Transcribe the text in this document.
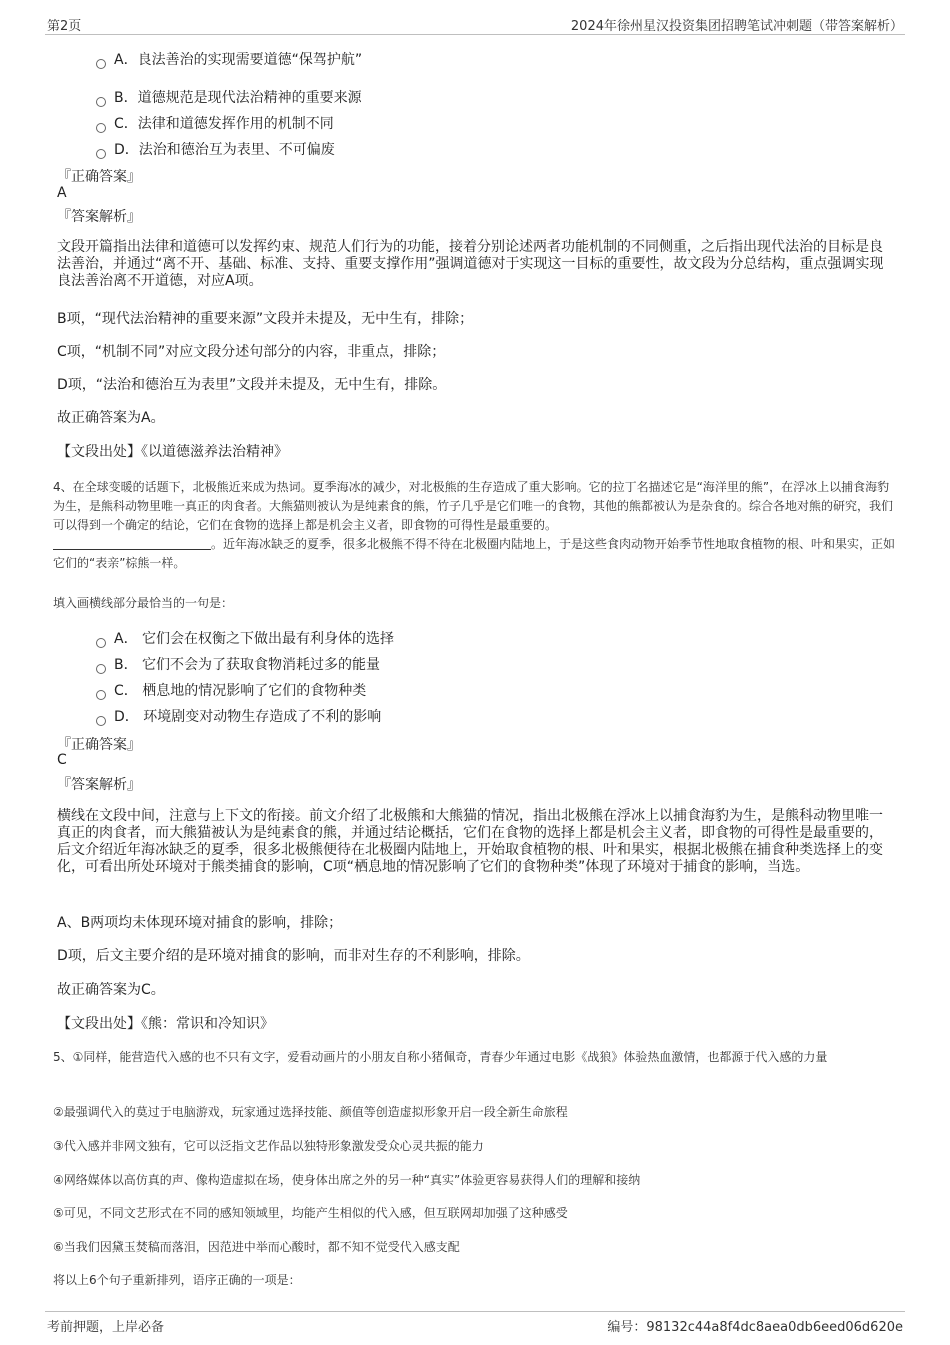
第2页	2024年徐州星汉投资集团招聘笔试冲刺题（带答案解析）
A．良法善治的实现需要道德“保驾护航”
B．道德规范是现代法治精神的重要来源
C．法律和道德发挥作用的机制不同
D．法治和德治互为表里、不可偏废
『正确答案』
A
『答案解析』
文段开篇指出法律和道德可以发挥约束、规范人们行为的功能，接着分别论述两者功能机制的不同侧重，之后指出现代法治的目标是良法善治，并通过“离不开、基础、标准、支持、重要支撑作用”强调道德对于实现这一目标的重要性，故文段为分总结构，重点强调实现良法善治离不开道德，对应A项。
B项，“现代法治精神的重要来源”文段并未提及，无中生有，排除；
C项，“机制不同”对应文段分述句部分的内容，非重点，排除；
D项，“法治和德治互为表里”文段并未提及，无中生有，排除。
故正确答案为A。
【文段出处】《以道德滋养法治精神》
4、在全球变暖的话题下，北极熊近来成为热词。夏季海冰的减少，对北极熊的生存造成了重大影响。它的拉丁名描述它是“海洋里的熊”，在浮冰上以捕食海豹为生，是熊科动物里唯一真正的肉食者。大熊猫则被认为是纯素食的熊，竹子几乎是它们唯一的食物，其他的熊都被认为是杂食的。综合各地对熊的研究，我们可以得到一个确定的结论，它们在食物的选择上都是机会主义者，即食物的可得性是最重要的。
。近年海冰缺乏的夏季，很多北极熊不得不待在北极圈内陆地上，于是这些食肉动物开始季节性地取食植物的根、叶和果实，正如它们的“表亲”棕熊一样。
填入画横线部分最恰当的一句是：
A． 它们会在权衡之下做出最有利身体的选择
B． 它们不会为了获取食物消耗过多的能量
C． 栖息地的情况影响了它们的食物种类
D． 环境剧变对动物生存造成了不利的影响
『正确答案』
C
『答案解析』
横线在文段中间，注意与上下文的衔接。前文介绍了北极熊和大熊猫的情况，指出北极熊在浮冰上以捕食海豹为生，是熊科动物里唯一真正的肉食者，而大熊猫被认为是纯素食的熊，并通过结论概括，它们在食物的选择上都是机会主义者，即食物的可得性是最重要的，后文介绍近年海冰缺乏的夏季，很多北极熊便待在北极圈内陆地上，开始取食植物的根、叶和果实，根据北极熊在捕食种类选择上的变化，可看出所处环境对于熊类捕食的影响，C项“栖息地的情况影响了它们的食物种类”体现了环境对于捕食的影响，当选。
A、B两项均未体现环境对捕食的影响，排除；
D项，后文主要介绍的是环境对捕食的影响，而非对生存的不利影响，排除。
故正确答案为C。
【文段出处】《熊：常识和冷知识》
5、①同样，能营造代入感的也不只有文字，爱看动画片的小朋友自称小猪佩奇，青春少年通过电影《战狼》体验热血激情，也都源于代入感的力量
②最强调代入的莫过于电脑游戏，玩家通过选择技能、颜值等创造虚拟形象开启一段全新生命旅程
③代入感并非网文独有，它可以泛指文艺作品以独特形象激发受众心灵共振的能力
④网络媒体以高仿真的声、像构造虚拟在场，使身体出席之外的另一种“真实”体验更容易获得人们的理解和接纳
⑤可见，不同文艺形式在不同的感知领域里，均能产生相似的代入感，但互联网却加强了这种感受
⑥当我们因黛玉焚稿而落泪，因范进中举而心酸时，都不知不觉受代入感支配
将以上6个句子重新排列，语序正确的一项是：
考前押题，上岸必备	编号：98132c44a8f4dc8aea0db6eed06d620e
